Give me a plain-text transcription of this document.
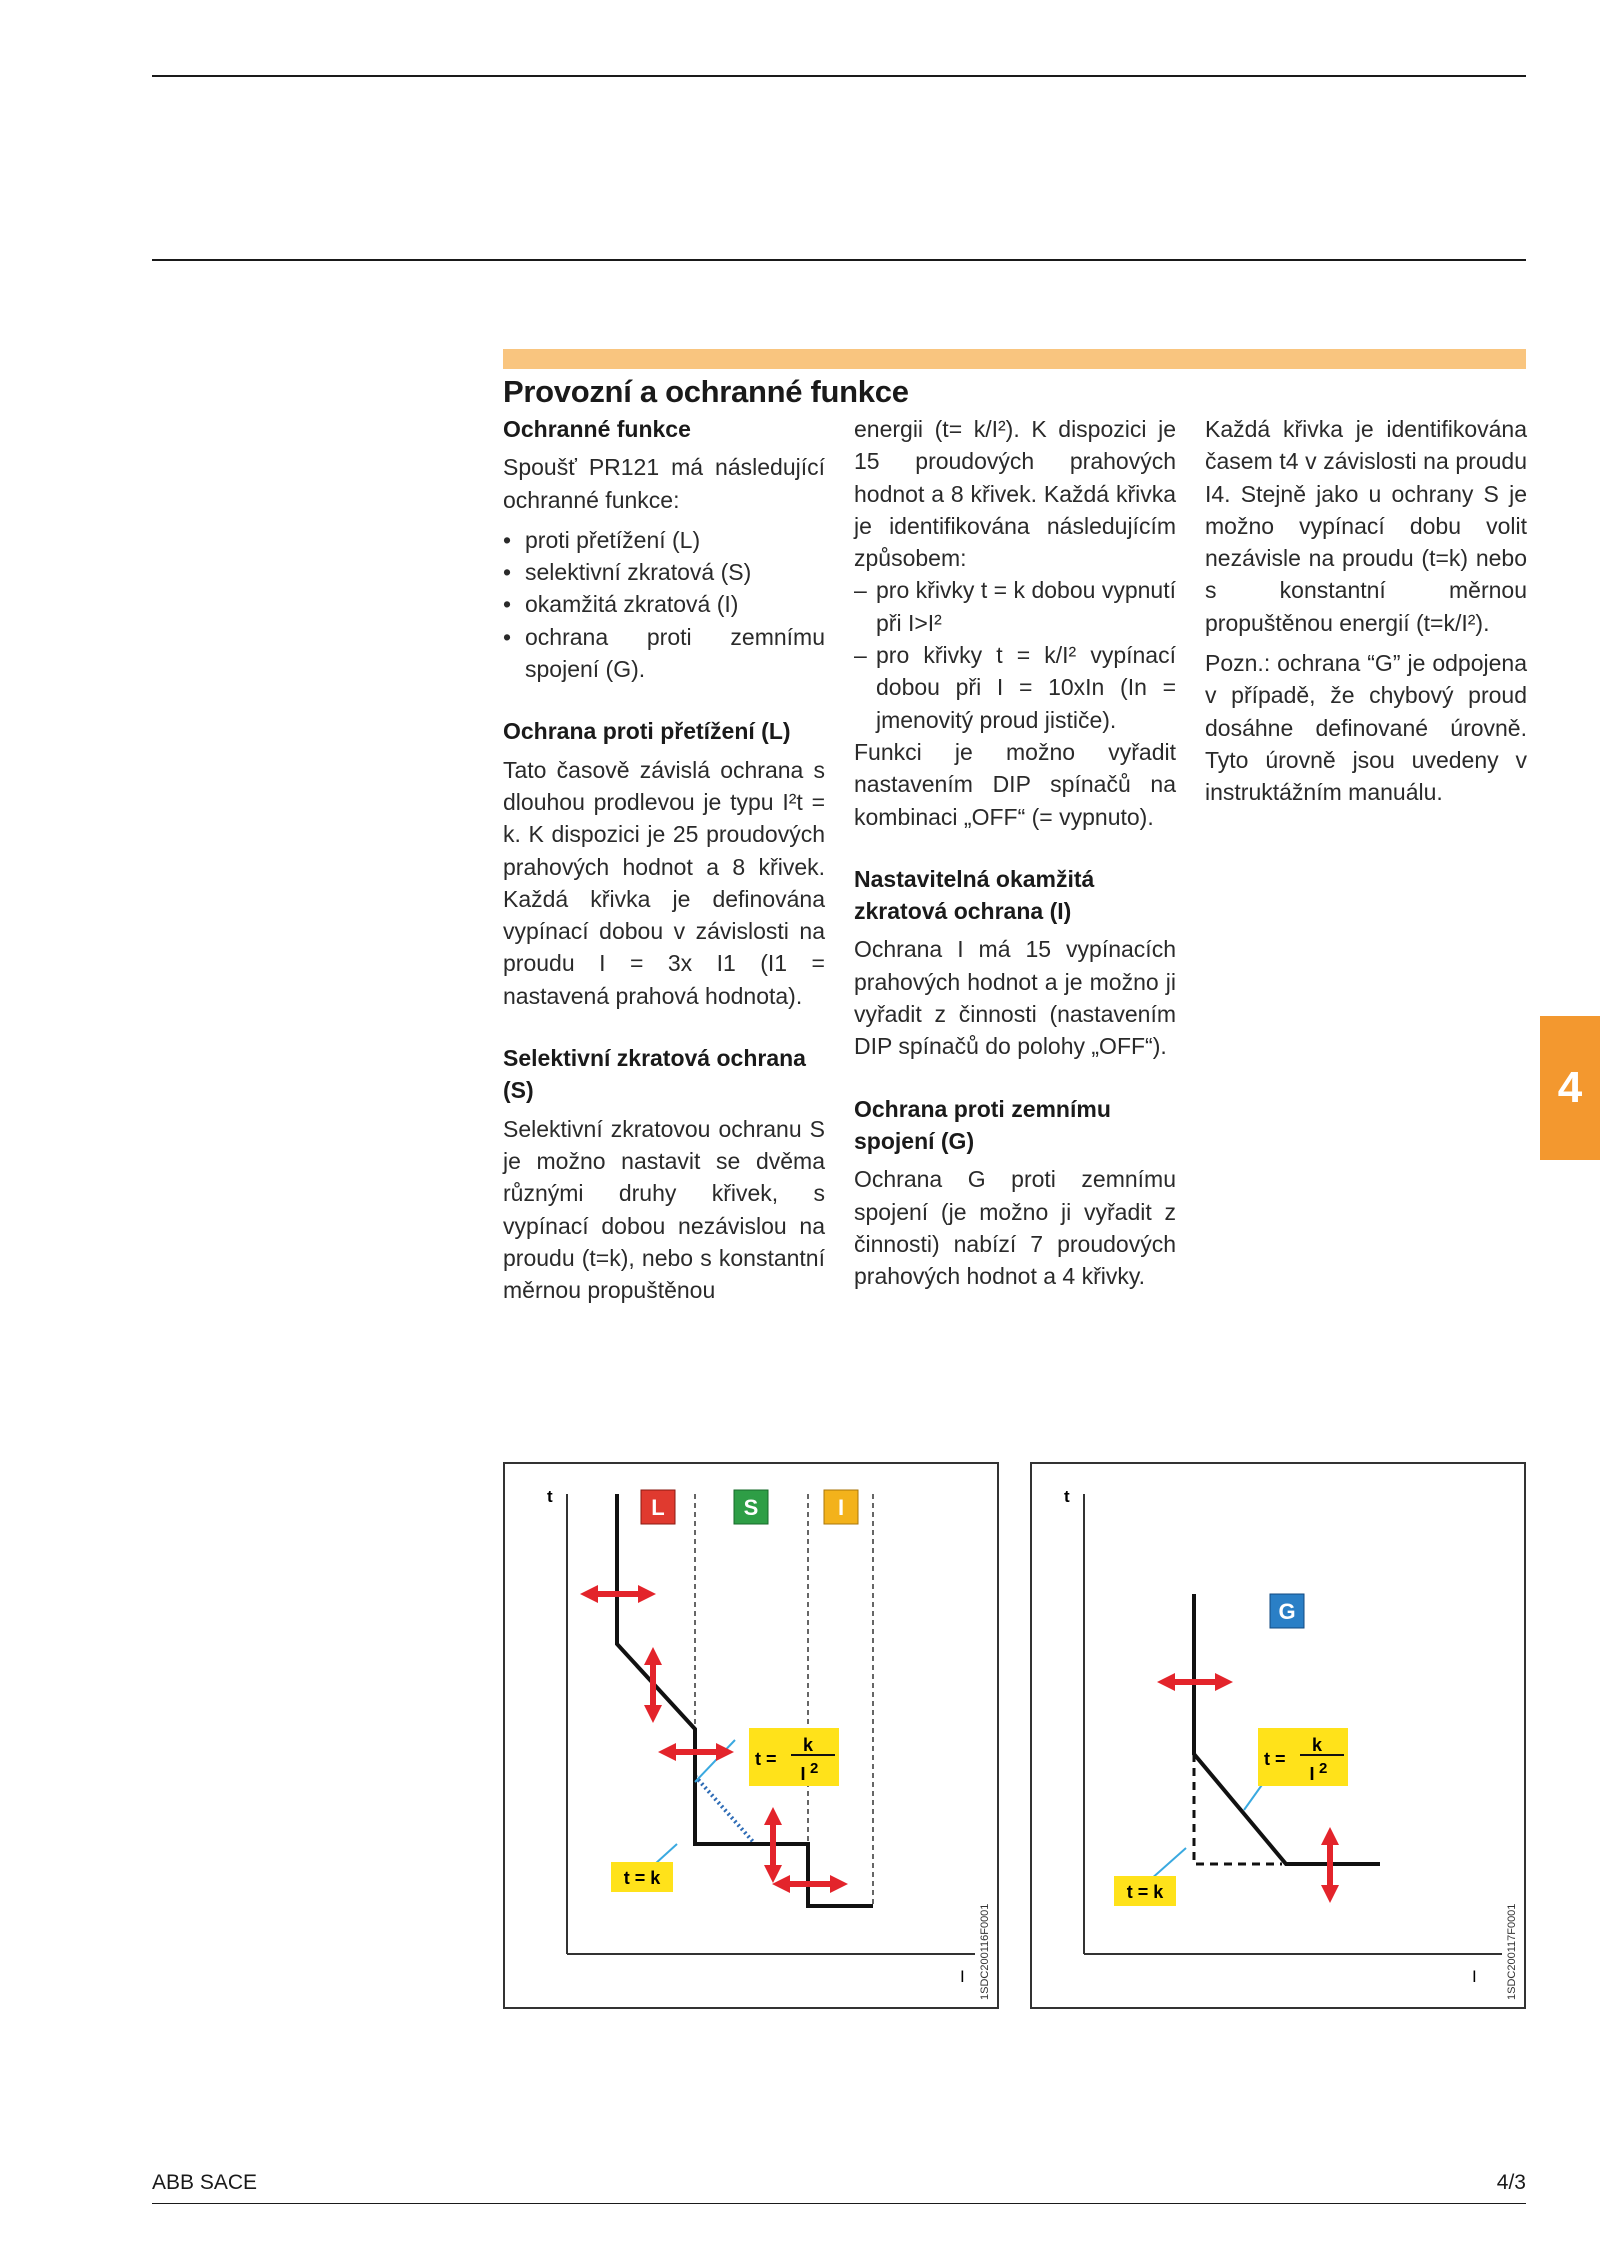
Provozní a ochranné funkce
Ochranné funkce

Spoušť PR121 má následující ochranné funkce:

• proti přetížení (L)
• selektivní zkratová (S)
• okamžitá zkratová (I)
• ochrana proti zemnímu spojení (G).
Ochrana proti přetížení (L)

Tato časově závislá ochrana s dlouhou prodlevou je typu I²t = k. K dispozici je 25 proudových prahových hodnot a 8 křivek. Každá křivka je definována vypínací dobou v závislosti na proudu I = 3x I1 (I1 = nastavená prahová hodnota).

Selektivní zkratová ochrana (S)

Selektivní zkratovou ochranu S je možno nastavit se dvěma různými druhy křivek, s vypínací dobou nezávislou na proudu (t=k), nebo s konstantní měrnou propuštěnou

energii (t= k/I²). K dispozici je 15 proudových prahových hodnot a 8 křivek. Každá křivka je identifikována následujícím způsobem:

– pro křivky t = k dobou vypnutí při I>I²
– pro křivky t = k/I² vypínací dobou při I = 10xIn (In = jmenovitý proud jističe).

Funkci je možno vyřadit nastavením DIP spínačů na kombinaci „OFF“ (= vypnuto).

Nastavitelná okamžitá zkratová ochrana (I)

Ochrana I má 15 vypínacích prahových hodnot a je možno ji vyřadit z činnosti (nastavením DIP spínačů do polohy „OFF“).

Ochrana proti zemnímu spojení (G)

Ochrana G proti zemnímu spojení (je možno ji vyřadit z činnosti) nabízí 7 proudových prahových hodnot a 4 křivky.

Každá křivka je identifikována časem t4 v závislosti na proudu I4. Stejně jako u ochrany S je možno vypínací dobu volit nezávisle na proudu (t=k) nebo s konstantní měrnou propuštěnou energií (t=k/I²).

Pozn.: ochrana “G” je odpojena v případě, že chybový proud dosáhne definované úrovně. Tyto úrovně jsou uvedeny v instruktážním manuálu.

4
t
I
L	S	I
t =
k
I 2
t = k
1SDC200116F0001
t
I
G
t =
k
I 2
t = k
1SDC200117F0001
ABB SACE	4/3
